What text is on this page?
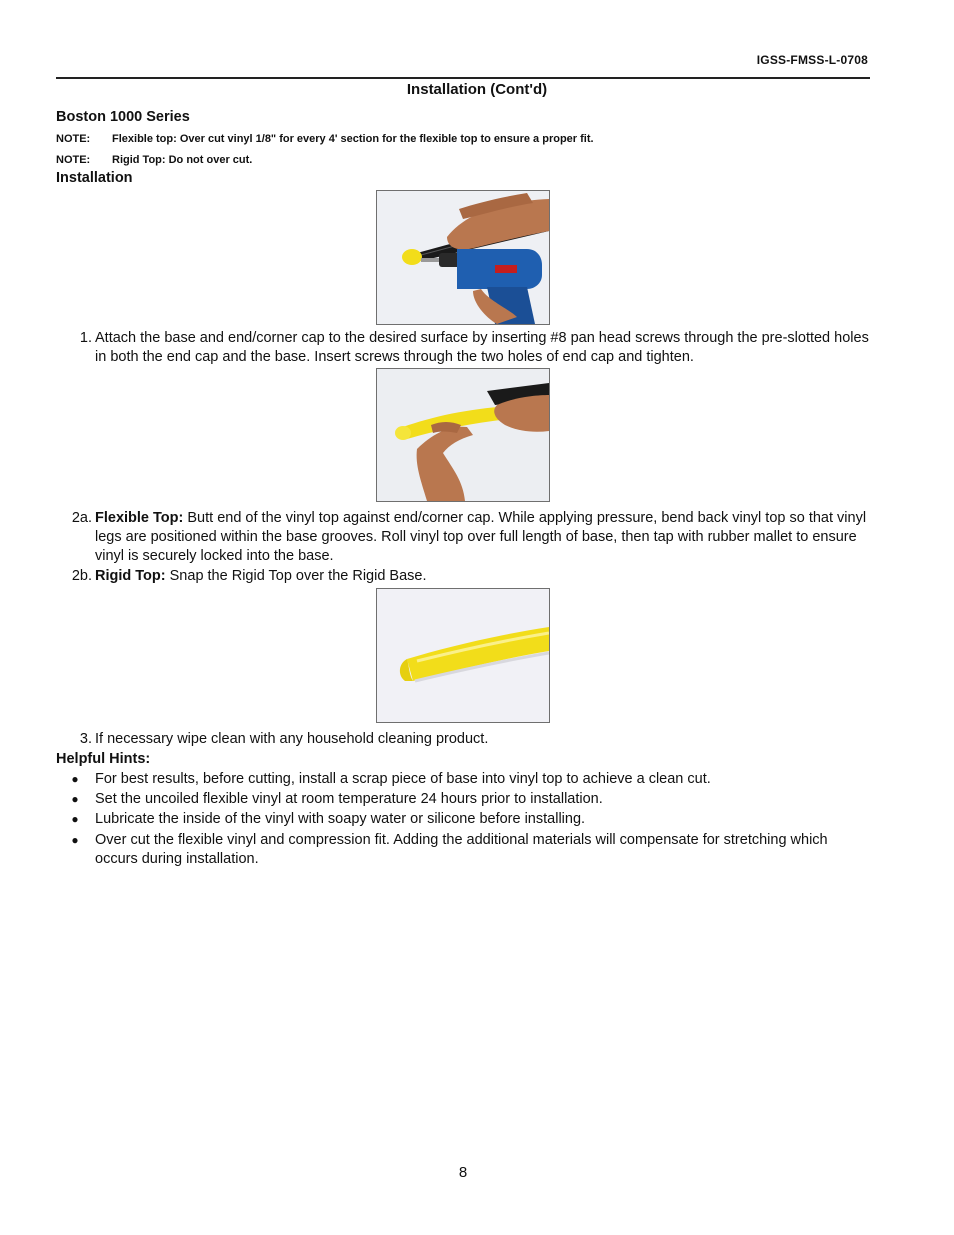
IGSS-FMSS-L-0708
Installation (Cont'd)
Boston 1000 Series
NOTE: Flexible top: Over cut vinyl 1/8" for every 4' section for the flexible top to ensure a proper fit.
NOTE: Rigid Top: Do not over cut.
Installation
1. Attach the base and end/corner cap to the desired surface by inserting #8 pan head screws through the pre-slotted holes in both the end cap and the base. Insert screws through the two holes of end cap and tighten.
2a. Flexible Top: Butt end of the vinyl top against end/corner cap. While applying pressure, bend back vinyl top so that vinyl legs are positioned within the base grooves. Roll vinyl top over full length of base, then tap with rubber mallet to ensure vinyl is securely locked into the base.
2b. Rigid Top: Snap the Rigid Top over the Rigid Base.
3. If necessary wipe clean with any household cleaning product.
Helpful Hints:
●	For best results, before cutting, install a scrap piece of base into vinyl top to achieve a clean cut.
●	Set the uncoiled flexible vinyl at room temperature 24 hours prior to installation.
●	Lubricate the inside of the vinyl with soapy water or silicone before installing.
●	Over cut the flexible vinyl and compression fit. Adding the additional materials will compensate for stretching which occurs during installation.
8
